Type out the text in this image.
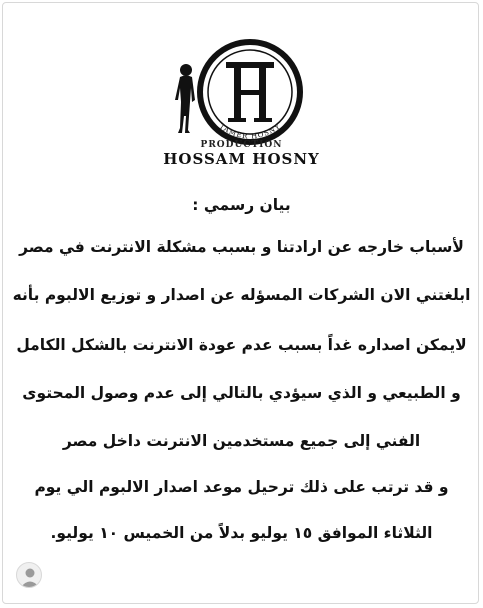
TAMER HOSNY
PRODUCTION
HOSSAM HOSNY
بيان رسمي :
لأسباب خارجه عن ارادتنا و بسبب مشكلة الانترنت في مصر
ابلغتني الان الشركات المسؤله عن اصدار و توزيع الالبوم بأنه
لايمكن اصداره غداً بسبب عدم عودة الانترنت بالشكل الكامل
و الطبيعي و الذي سيؤدي بالتالي إلى عدم وصول المحتوى
الفني إلى جميع مستخدمين الانترنت داخل مصر
و قد ترتب على ذلك ترحيل موعد اصدار الالبوم الي يوم
الثلاثاء الموافق ١٥ يوليو بدلاً من الخميس ١٠ يوليو.
